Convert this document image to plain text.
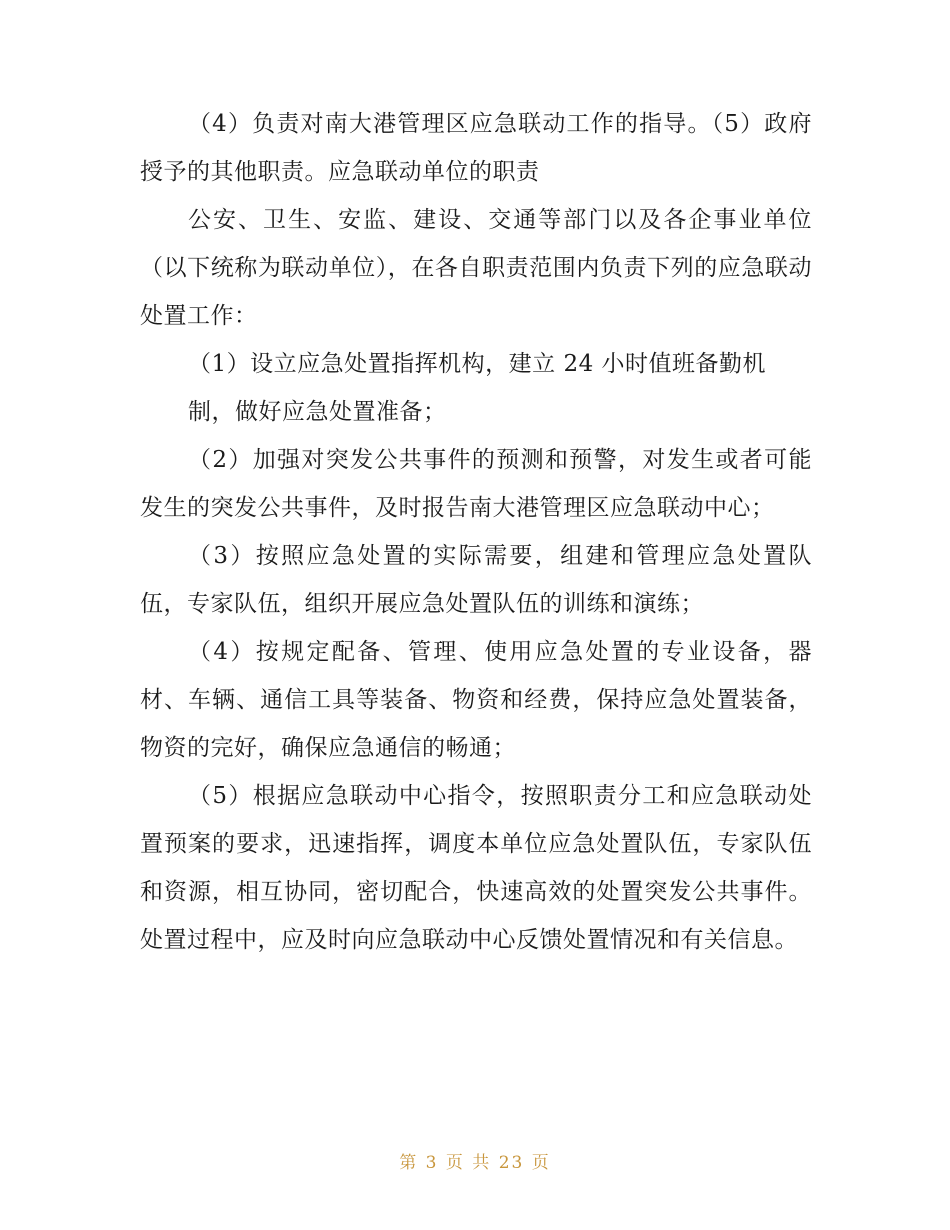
（4）负责对南大港管理区应急联动工作的指导。（5）政府授予的其他职责。应急联动单位的职责

公安、卫生、安监、建设、交通等部门以及各企事业单位（以下统称为联动单位），在各自职责范围内负责下列的应急联动处置工作：

（1）设立应急处置指挥机构，建立 24 小时值班备勤机

制，做好应急处置准备；

（2）加强对突发公共事件的预测和预警，对发生或者可能发生的突发公共事件，及时报告南大港管理区应急联动中心；

（3）按照应急处置的实际需要，组建和管理应急处置队伍，专家队伍，组织开展应急处置队伍的训练和演练；

（4）按规定配备、管理、使用应急处置的专业设备，器材、车辆、通信工具等装备、物资和经费，保持应急处置装备，物资的完好，确保应急通信的畅通；

（5）根据应急联动中心指令，按照职责分工和应急联动处置预案的要求，迅速指挥，调度本单位应急处置队伍，专家队伍和资源，相互协同，密切配合，快速高效的处置突发公共事件。处置过程中，应及时向应急联动中心反馈处置情况和有关信息。

第 3 页 共 23 页
